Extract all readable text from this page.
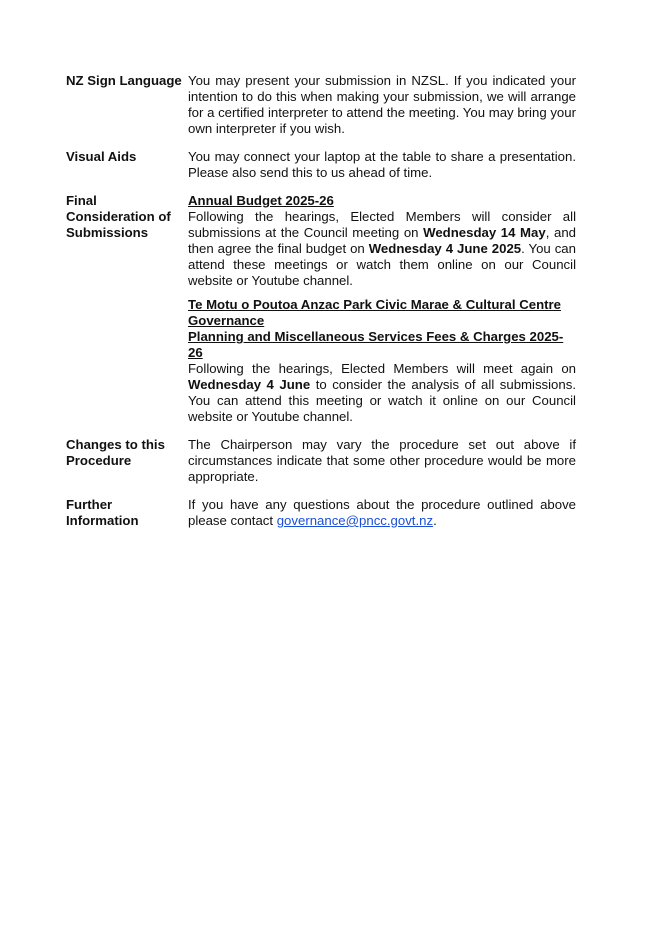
NZ Sign Language You may present your submission in NZSL. If you indicated your intention to do this when making your submission, we will arrange for a certified interpreter to attend the meeting. You may bring your own interpreter if you wish.

Visual Aids	You may connect your laptop at the table to share a presentation. Please also send this to us ahead of time.

Final Consideration of Submissions

Annual Budget 2025-26

Following the hearings, Elected Members will consider all submissions at the Council meeting on Wednesday 14 May, and then agree the final budget on Wednesday 4 June 2025. You can attend these meetings or watch them online on our Council website or Youtube channel.

Te Motu o Poutoa Anzac Park Civic Marae & Cultural Centre Governance

Planning and Miscellaneous Services Fees & Charges 2025-26

Following the hearings, Elected Members will meet again on Wednesday 4 June to consider the analysis of all submissions. You can attend this meeting or watch it online on our Council website or Youtube channel.

Changes to this Procedure

The Chairperson may vary the procedure set out above if circumstances indicate that some other procedure would be more appropriate.

Further Information

If you have any questions about the procedure outlined above please contact governance@pncc.govt.nz.
